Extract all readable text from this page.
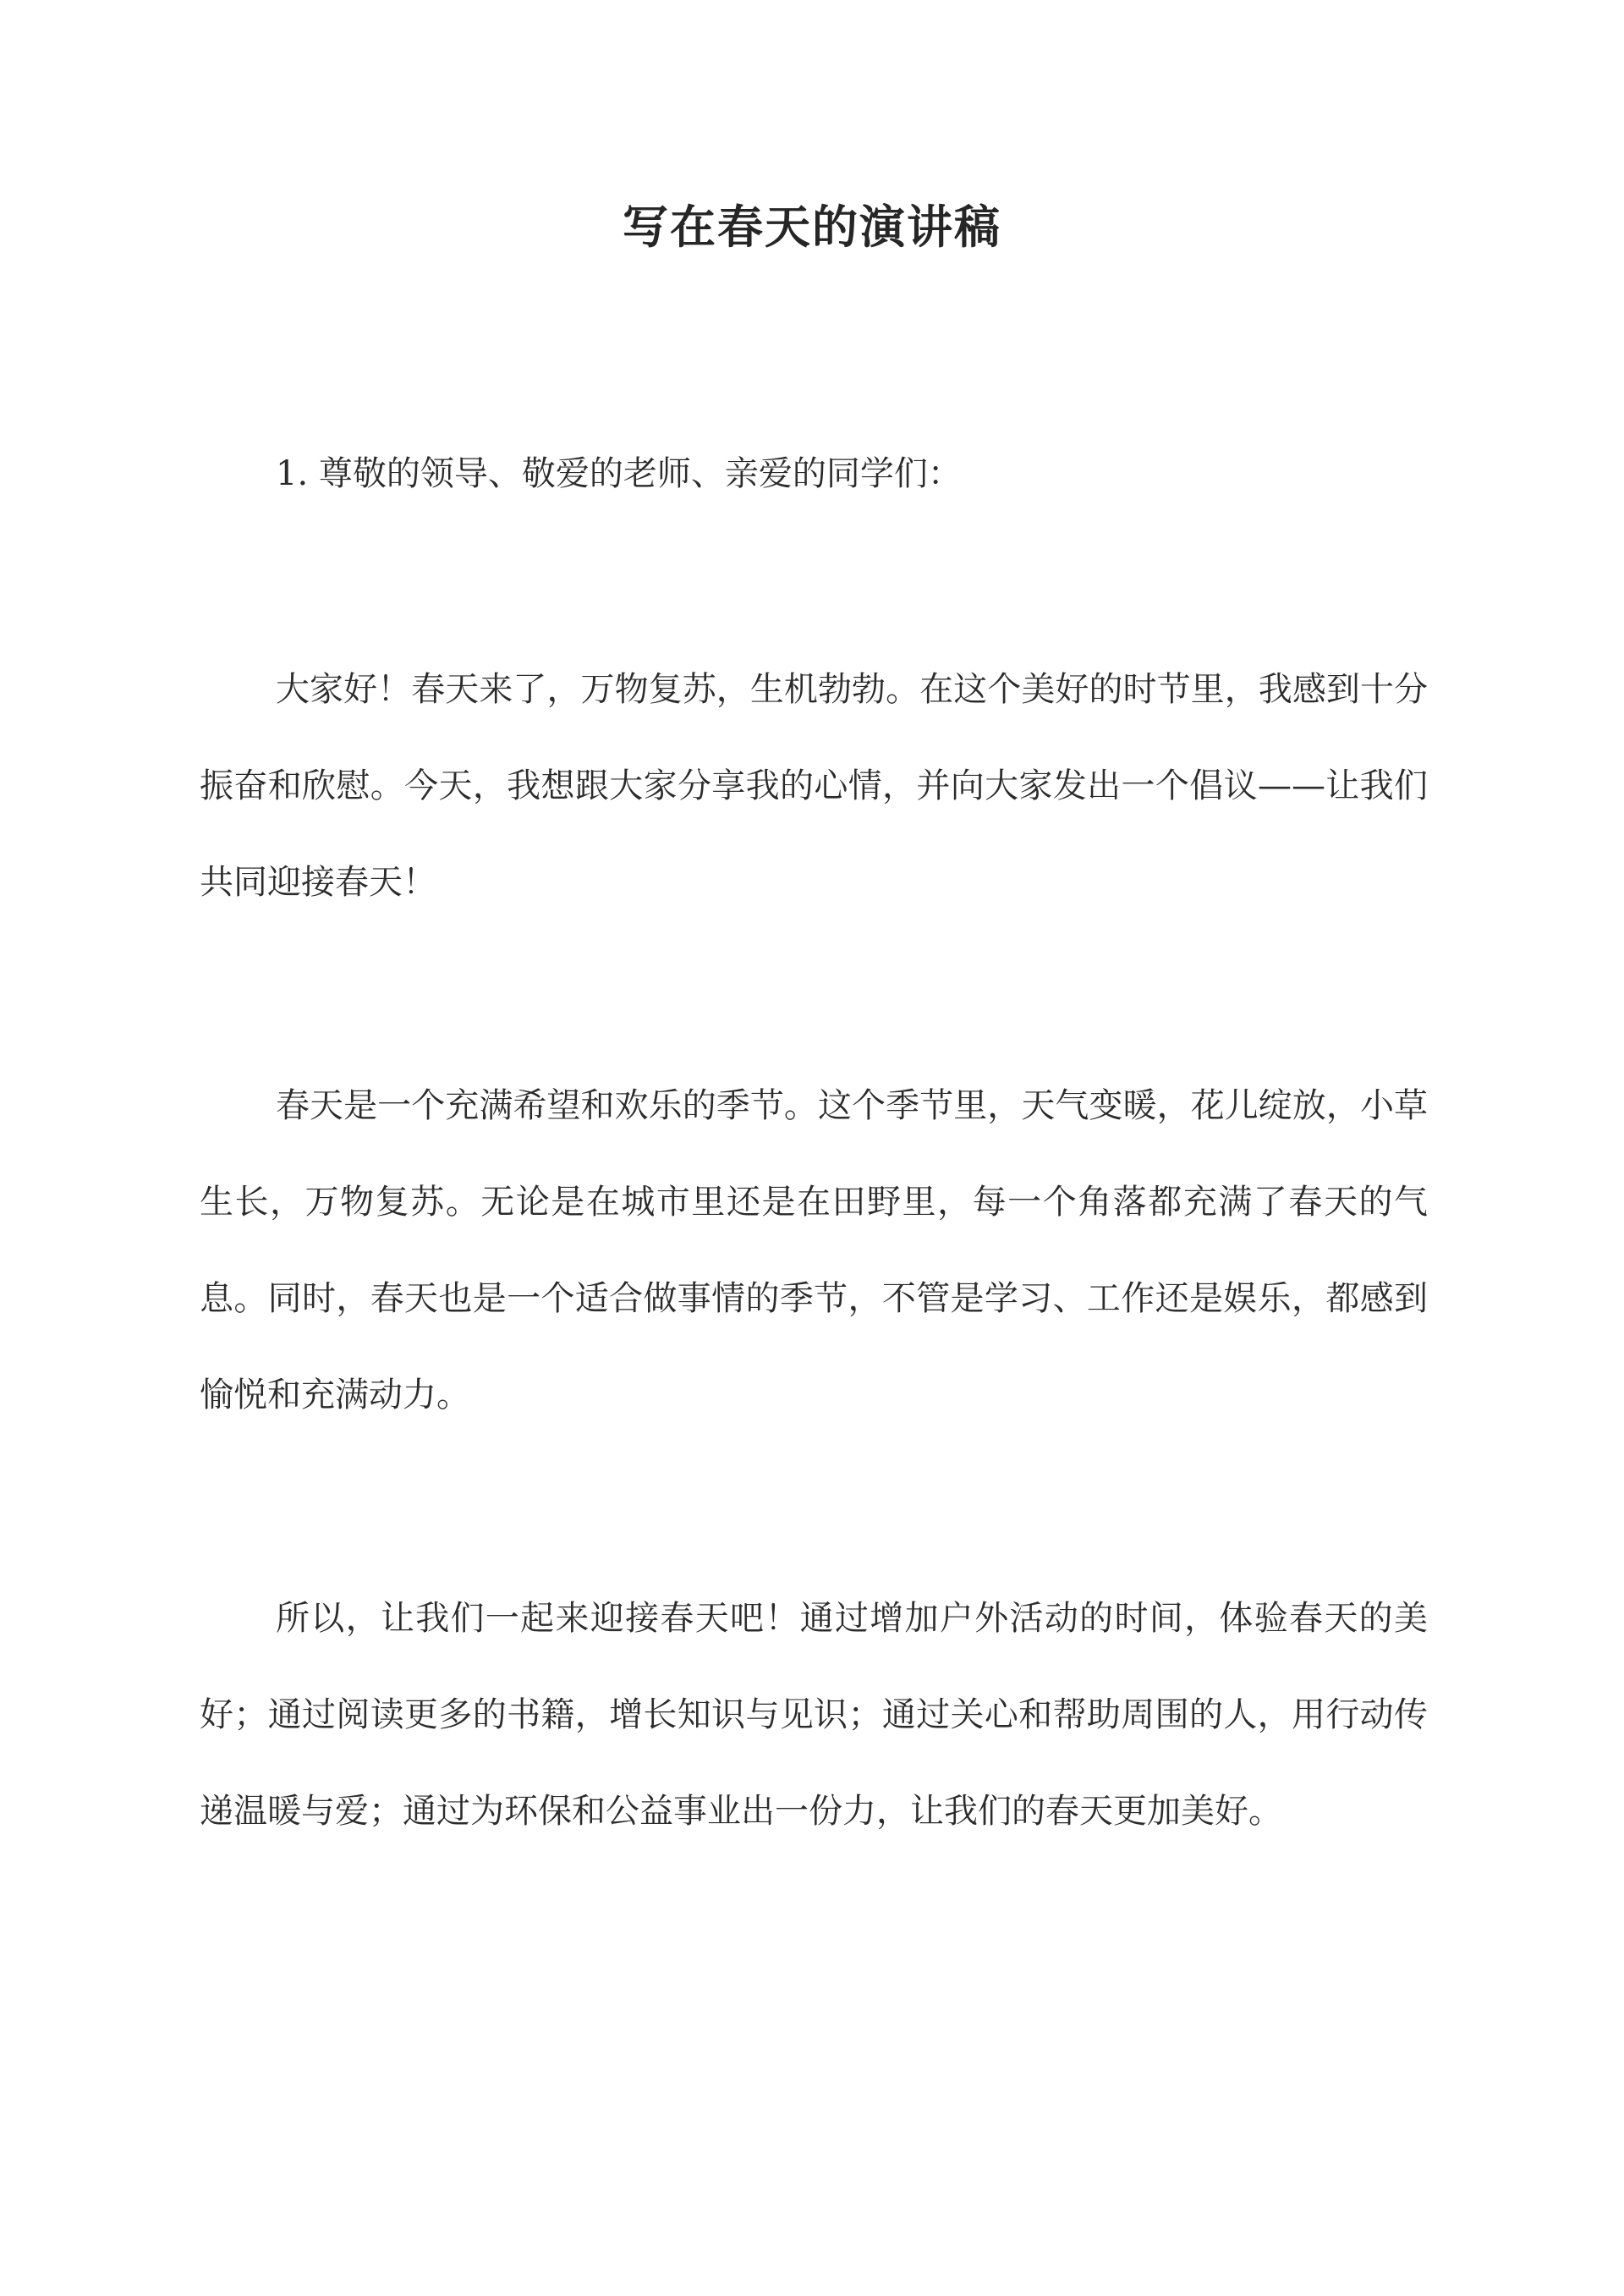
写在春天的演讲稿
1. 尊敬的领导、敬爱的老师、亲爱的同学们：

大家好！春天来了，万物复苏，生机勃勃。在这个美好的时节里，我感到十分振奋和欣慰。今天，我想跟大家分享我的心情，并向大家发出一个倡议——让我们共同迎接春天！

春天是一个充满希望和欢乐的季节。这个季节里，天气变暖，花儿绽放，小草生长，万物复苏。无论是在城市里还是在田野里，每一个角落都充满了春天的气息。同时，春天也是一个适合做事情的季节，不管是学习、工作还是娱乐，都感到愉悦和充满动力。

所以，让我们一起来迎接春天吧！通过增加户外活动的时间，体验春天的美好；通过阅读更多的书籍，增长知识与见识；通过关心和帮助周围的人，用行动传递温暖与爱；通过为环保和公益事业出一份力，让我们的春天更加美好。
